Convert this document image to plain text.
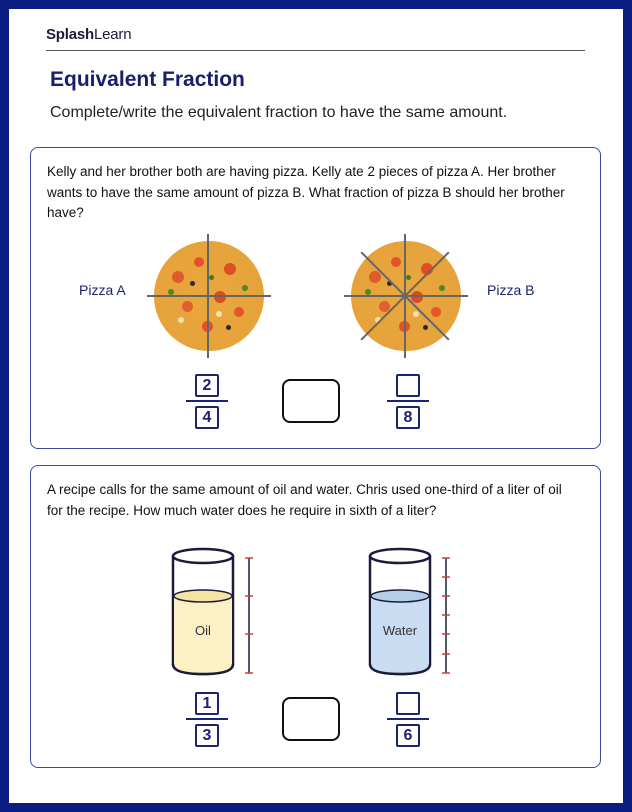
SplashLearn
Equivalent Fraction
Complete/write the equivalent fraction to have the same amount.
Kelly and her brother both are having pizza. Kelly ate 2 pieces of pizza A. Her brother wants to have the same amount of pizza B. What fraction of pizza B should her brother have?
Pizza A	Pizza B
2
4	8
A recipe calls for the same amount of oil and water. Chris used one-third of a liter of oil for the recipe. How much water does he require in sixth of a liter?
Oil	Water
1
3	6
